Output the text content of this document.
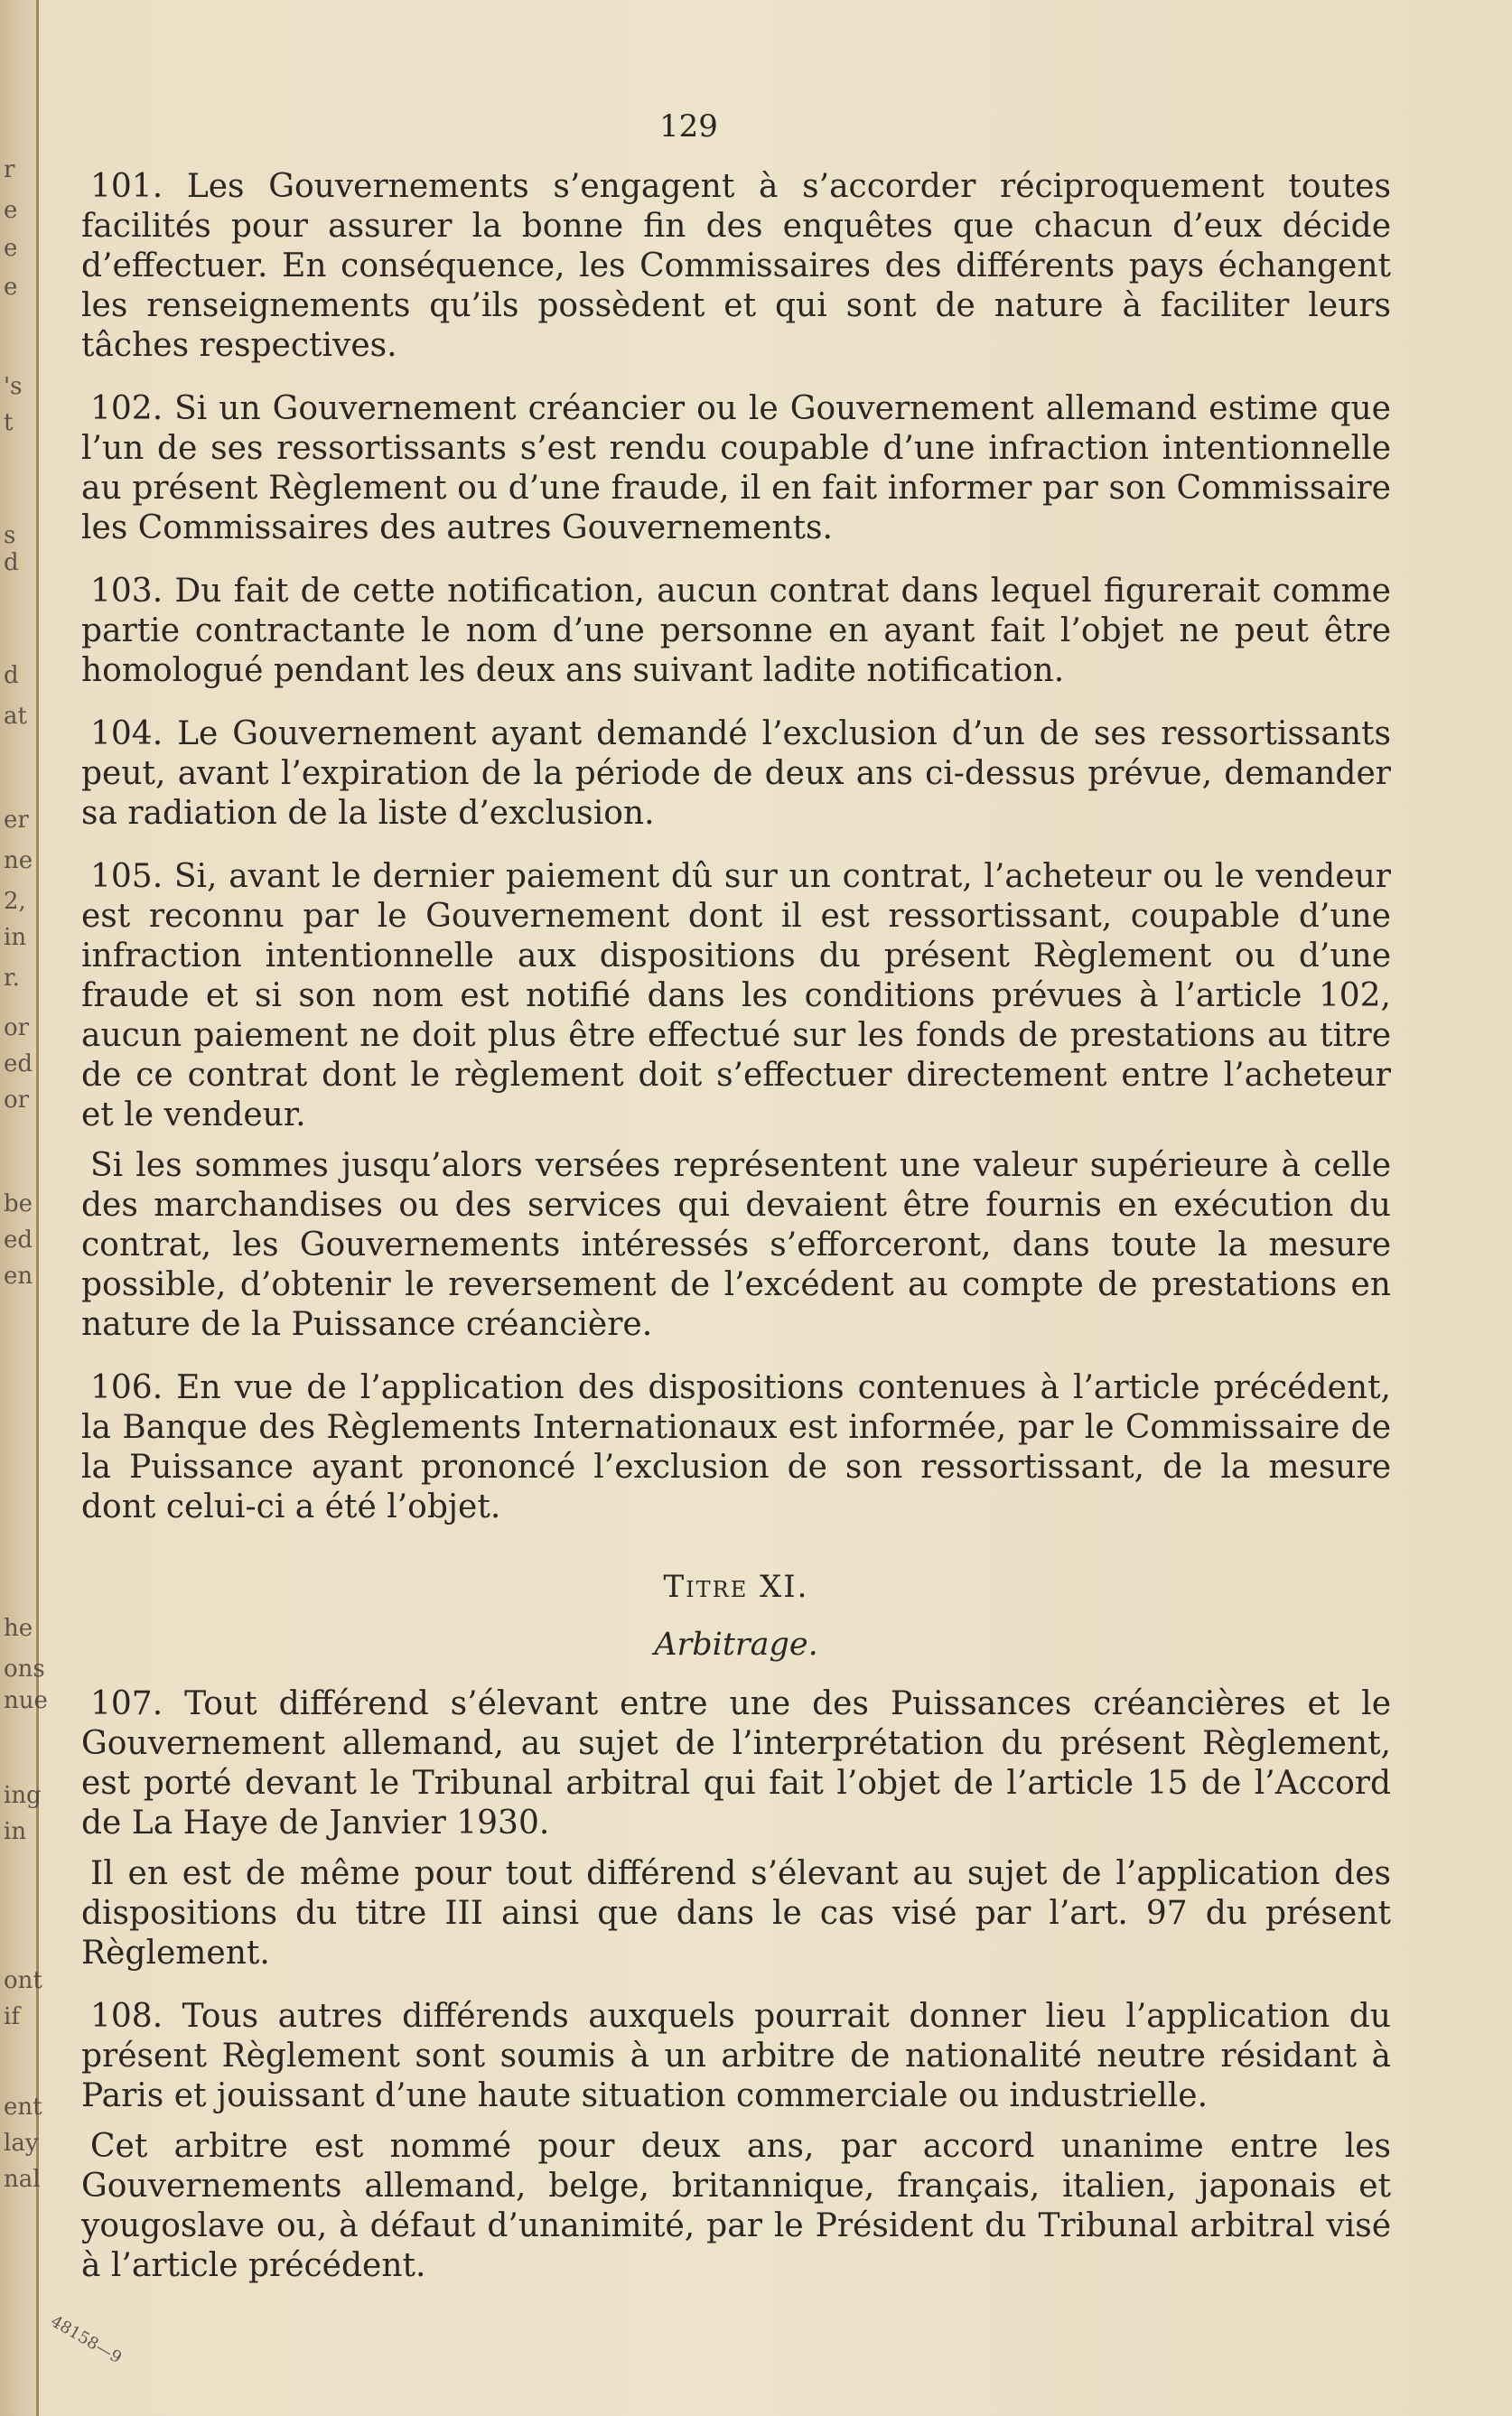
r
e
e
e
's
t
s
d
d
at
er
ne
2,
in
r.
or
ed
or
be
ed
en
he
ons
nue
ing
in
ont
if
ent
lay
nal
129

101. Les Gouvernements s’engagent à s’accorder réciproquement toutes facilités pour assurer la bonne fin des enquêtes que chacun d’eux décide d’effectuer. En conséquence, les Commissaires des différents pays échangent les renseignements qu’ils possèdent et qui sont de nature à faciliter leurs tâches respectives.

102. Si un Gouvernement créancier ou le Gouvernement allemand estime que l’un de ses ressortissants s’est rendu coupable d’une infraction intentionnelle au présent Règlement ou d’une fraude, il en fait informer par son Commissaire les Commissaires des autres Gouvernements.

103. Du fait de cette notification, aucun contrat dans lequel figurerait comme partie contractante le nom d’une personne en ayant fait l’objet ne peut être homologué pendant les deux ans suivant ladite notification.

104. Le Gouvernement ayant demandé l’exclusion d’un de ses ressortissants peut, avant l’expiration de la période de deux ans ci-dessus prévue, demander sa radiation de la liste d’exclusion.

105. Si, avant le dernier paiement dû sur un contrat, l’acheteur ou le vendeur est reconnu par le Gouvernement dont il est ressortissant, coupable d’une infraction intentionnelle aux dispositions du présent Règlement ou d’une fraude et si son nom est notifié dans les conditions prévues à l’article 102, aucun paiement ne doit plus être effectué sur les fonds de prestations au titre de ce contrat dont le règlement doit s’effectuer directement entre l’acheteur et le vendeur.

Si les sommes jusqu’alors versées représentent une valeur supérieure à celle des marchandises ou des services qui devaient être fournis en exécution du contrat, les Gouvernements intéressés s’efforceront, dans toute la mesure possible, d’obtenir le reversement de l’excédent au compte de prestations en nature de la Puissance créancière.

106. En vue de l’application des dispositions contenues à l’article précédent, la Banque des Règlements Internationaux est informée, par le Commissaire de la Puissance ayant prononcé l’exclusion de son ressortissant, de la mesure dont celui-ci a été l’objet.

Titre XI.
Arbitrage.

107. Tout différend s’élevant entre une des Puissances créancières et le Gouvernement allemand, au sujet de l’interprétation du présent Règlement, est porté devant le Tribunal arbitral qui fait l’objet de l’article 15 de l’Accord de La Haye de Janvier 1930.

Il en est de même pour tout différend s’élevant au sujet de l’application des dispositions du titre III ainsi que dans le cas visé par l’art. 97 du présent Règlement.

108. Tous autres différends auxquels pourrait donner lieu l’application du présent Règlement sont soumis à un arbitre de nationalité neutre résidant à Paris et jouissant d’une haute situation commerciale ou industrielle.

Cet arbitre est nommé pour deux ans, par accord unanime entre les Gouvernements allemand, belge, britannique, français, italien, japonais et yougoslave ou, à défaut d’unanimité, par le Président du Tribunal arbitral visé à l’article précédent.

48158—9
